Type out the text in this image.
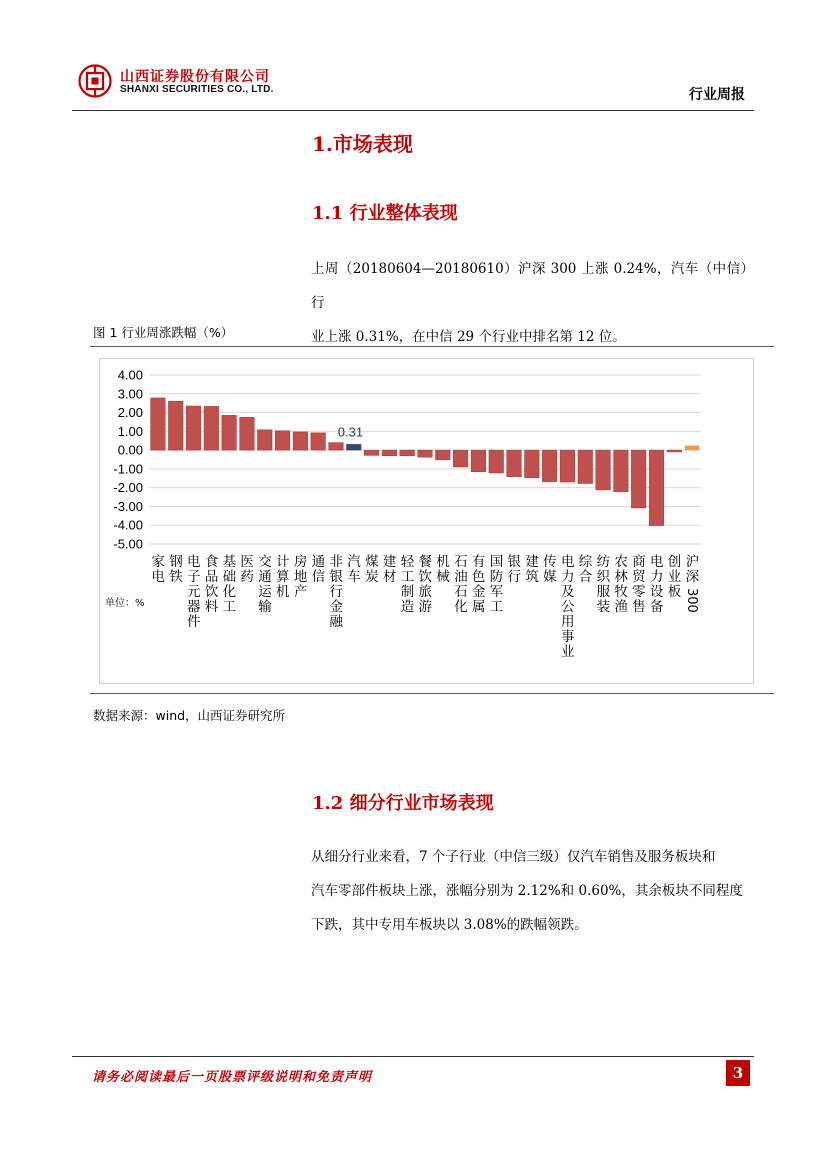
山西证券股份有限公司
SHANXI SECURITIES CO., LTD.	行业周报
1.市场表现
1.1 行业整体表现
上周（20180604—20180610）沪深 300 上涨 0.24%，汽车（中信）行
业上涨 0.31%，在中信 29 个行业中排名第 12 位。
图 1 行业周涨跌幅（%）
4.00
3.00
2.00
1.00
0.00
-1.00
-2.00
-3.00
-4.00
-5.00
家电
钢铁
电子元器件
食品饮料
基础化工
医药
交通运输
计算机
房地产
通信
非银行金融
汽车
煤炭
建材
轻工制造
餐饮旅游
机械
石油石化
有色金属
国防军工
银行
建筑
传媒
电力及公用事业
综合
纺织服装
农林牧渔
商贸零售
电力设备
创业板
沪深
300
0.31
单位：%
数据来源：wind，山西证券研究所
1.2 细分行业市场表现
从细分行业来看，7 个子行业（中信三级）仅汽车销售及服务板块和
汽车零部件板块上涨，涨幅分别为 2.12%和 0.60%，其余板块不同程度
下跌，其中专用车板块以 3.08%的跌幅领跌。
请务必阅读最后一页股票评级说明和免责声明	3
